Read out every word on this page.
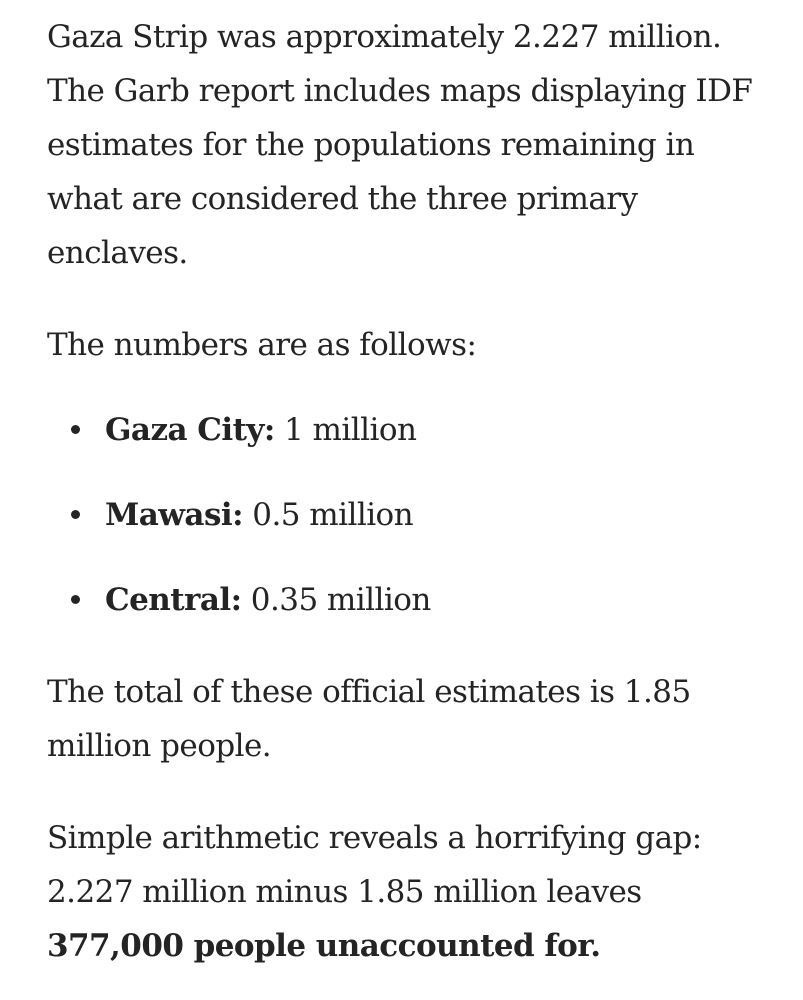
Gaza Strip was approximately 2.227 million. The Garb report includes maps displaying IDF estimates for the populations remaining in what are considered the three primary enclaves.

The numbers are as follows:

Gaza City: 1 million
Mawasi: 0.5 million
Central: 0.35 million

The total of these official estimates is 1.85 million people.

Simple arithmetic reveals a horrifying gap: 2.227 million minus 1.85 million leaves 377,000 people unaccounted for.
